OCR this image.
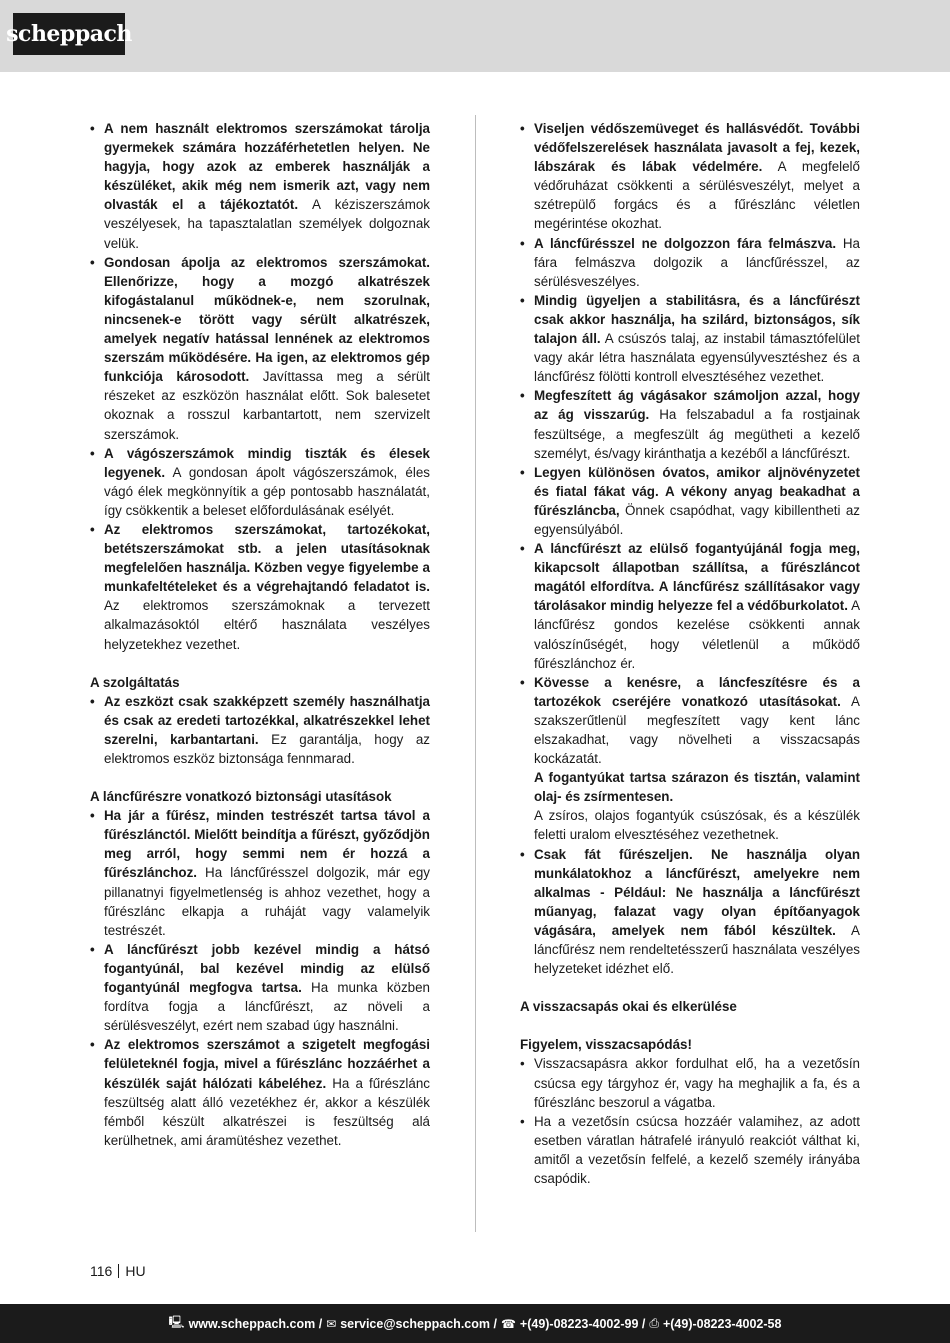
scheppach
• A nem használt elektromos szerszámokat tárolja gyermekek számára hozzáférhetetlen helyen. Ne hagyja, hogy azok az emberek használják a készüléket, akik még nem ismerik azt, vagy nem olvasták el a tájékoztatót. A kéziszerszámok veszélyesek, ha tapasztalatlan személyek dolgoznak velük.
• Gondosan ápolja az elektromos szerszámokat. Ellenőrizze, hogy a mozgó alkatrészek kifogástalanul működnek-e, nem szorulnak, nincsenek-e törött vagy sérült alkatrészek, amelyek negatív hatással lennének az elektromos szerszám működésére. Ha igen, az elektromos gép funkciója károsodott. Javíttassa meg a sérült részeket az eszközön használat előtt. Sok balesetet okoznak a rosszul karbantartott, nem szervizelt szerszámok.
• A vágószerszámok mindig tiszták és élesek legyenek. A gondosan ápolt vágószerszámok, éles vágó élek megkönnyítik a gép pontosabb használatát, így csökkentik a beleset előfordulásának esélyét.
• Az elektromos szerszámokat, tartozékokat, betétszerszámokat stb. a jelen utasításoknak megfelelően használja. Közben vegye figyelembe a munkafeltételeket és a végrehajtandó feladatot is. Az elektromos szerszámoknak a tervezett alkalmazásoktól eltérő használata veszélyes helyzetekhez vezethet.
A szolgáltatás
• Az eszközt csak szakképzett személy használhatja és csak az eredeti tartozékkal, alkatrészekkel lehet szerelni, karbantartani. Ez garantálja, hogy az elektromos eszköz biztonsága fennmarad.
A láncfűrészre vonatkozó biztonsági utasítások
• Ha jár a fűrész, minden testrészét tartsa távol a fűrészlánctól. Mielőtt beindítja a fűrészt, győződjön meg arról, hogy semmi nem ér hozzá a fűrészlánchoz. Ha láncfűrésszel dolgozik, már egy pillanatnyi figyelmetlenség is ahhoz vezethet, hogy a fűrészlánc elkapja a ruháját vagy valamelyik testrészét.
• A láncfűrészt jobb kezével mindig a hátsó fogantyúnál, bal kezével mindig az elülső fogantyúnál megfogva tartsa. Ha munka közben fordítva fogja a láncfűrészt, az növeli a sérülésveszélyt, ezért nem szabad úgy használni.
• Az elektromos szerszámot a szigetelt megfogási felületeknél fogja, mivel a fűrészlánc hozzáérhet a készülék saját hálózati kábeléhez. Ha a fűrészlánc feszültség alatt álló vezetékhez ér, akkor a készülék fémből készült alkatrészei is feszültség alá kerülhetnek, ami áramütéshez vezethet.
• Viseljen védőszemüveget és hallásvédőt. További védőfelszerelések használata javasolt a fej, kezek, lábszárak és lábak védelmére. A megfelelő védőruházat csökkenti a sérülésveszélyt, melyet a szétrepülő forgács és a fűrészlánc véletlen megérintése okozhat.
• A láncfűrésszel ne dolgozzon fára felmászva. Ha fára felmászva dolgozik a láncfűrésszel, az sérülésveszélyes.
• Mindig ügyeljen a stabilitásra, és a láncfűrészt csak akkor használja, ha szilárd, biztonságos, sík talajon áll. A csúszós talaj, az instabil támasztófelület vagy akár létra használata egyensúlyvesztéshez és a láncfűrész fölötti kontroll elvesztéséhez vezethet.
• Megfeszített ág vágásakor számoljon azzal, hogy az ág visszarúg. Ha felszabadul a fa rostjainak feszültsége, a megfeszült ág megütheti a kezelő személyt, és/vagy kiránthatja a kezéből a láncfűrészt.
• Legyen különösen óvatos, amikor aljnövényzetet és fiatal fákat vág. A vékony anyag beakadhat a fűrészláncba, Önnek csapódhat, vagy kibillentheti az egyensúlyából.
• A láncfűrészt az elülső fogantyújánál fogja meg, kikapcsolt állapotban szállítsa, a fűrészláncot magától elfordítva. A láncfűrész szállításakor vagy tárolásakor mindig helyezze fel a védőburkolatot. A láncfűrész gondos kezelése csökkenti annak valószínűségét, hogy véletlenül a működő fűrészlánchoz ér.
• Kövesse a kenésre, a láncfeszítésre és a tartozékok cseréjére vonatkozó utasításokat. A szakszerűtlenül megfeszített vagy kent lánc elszakadhat, vagy növelheti a visszacsapás kockázatát.
A fogantyúkat tartsa szárazon és tisztán, valamint olaj- és zsírmentesen.
A zsíros, olajos fogantyúk csúszósak, és a készülék feletti uralom elvesztéséhez vezethetnek.
• Csak fát fűrészeljen. Ne használja olyan munkálatokhoz a láncfűrészt, amelyekre nem alkalmas - Például: Ne használja a láncfűrészt műanyag, falazat vagy olyan építőanyagok vágására, amelyek nem fából készültek. A láncfűrész nem rendeltetésszerű használata veszélyes helyzeteket idézhet elő.
A visszacsapás okai és elkerülése
Figyelem, visszacsapódás!
• Visszacsapásra akkor fordulhat elő, ha a vezetősín csúcsa egy tárgyhoz ér, vagy ha meghajlik a fa, és a fűrészlánc beszorul a vágatba.
• Ha a vezetősín csúcsa hozzáér valamihez, az adott esetben váratlan hátrafelé irányuló reakciót válthat ki, amitől a vezetősín felfelé, a kezelő személy irányába csapódik.
116 HU
🖳 www.scheppach.com / ✉ service@scheppach.com / ☎ +(49)-08223-4002-99 / ⎙ +(49)-08223-4002-58
